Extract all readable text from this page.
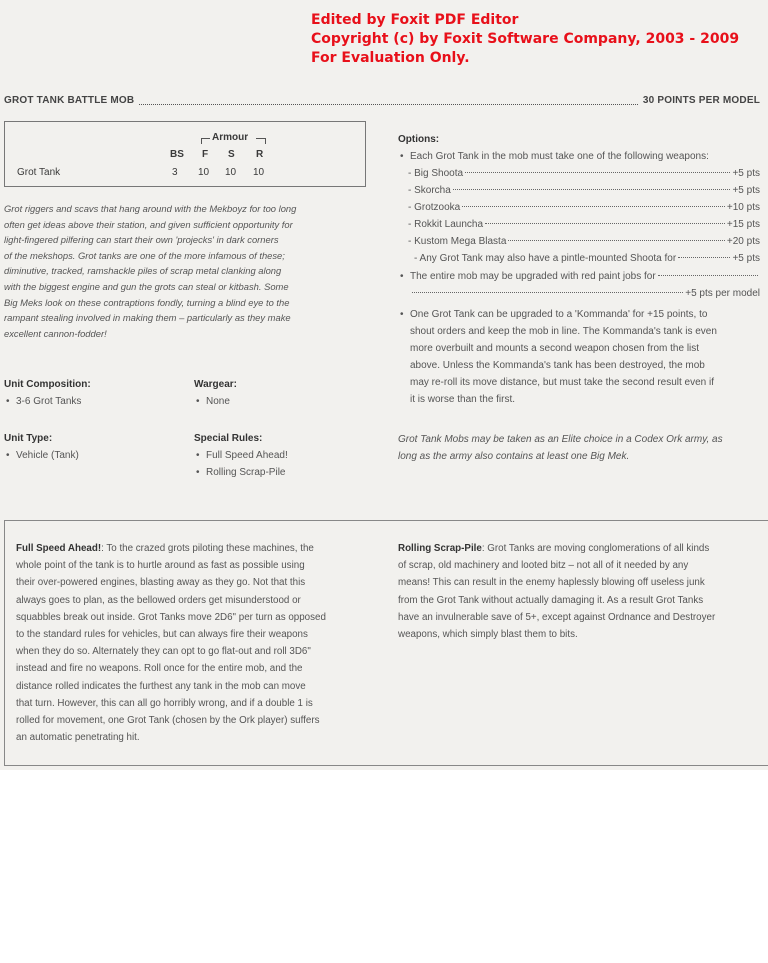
Edited by Foxit PDF Editor
Copyright (c) by Foxit Software Company, 2003 - 2009
For Evaluation Only.
GROT TANK BATTLE MOB	30 POINTS PER MODEL
Armour
BS F S R
Grot Tank	3 10 10 10

Grot riggers and scavs that hang around with the Mekboyz for too long

often get ideas above their station, and given sufficient opportunity for

light-fingered pilfering can start their own 'projecks' in dark corners

of the mekshops. Grot tanks are one of the more infamous of these;

diminutive, tracked, ramshackle piles of scrap metal clanking along

with the biggest engine and gun the grots can steal or kitbash. Some

Big Meks look on these contraptions fondly, turning a blind eye to the

rampant stealing involved in making them – particularly as they make

excellent cannon-fodder!

Unit Composition:
• 3-6 Grot Tanks
Wargear:
• None
Unit Type:
• Vehicle (Tank)
Special Rules:
• Full Speed Ahead!
• Rolling Scrap-Pile
Options:
• Each Grot Tank in the mob must take one of the following weapons:
- Big Shoota	+5 pts
- Skorcha	+5 pts
- Grotzooka	+10 pts
- Rokkit Launcha	+15 pts
- Kustom Mega Blasta	+20 pts
- Any Grot Tank may also have a pintle-mounted Shoota for	+5 pts
• The entire mob may be upgraded with red paint jobs for
+5 pts per model
• One Grot Tank can be upgraded to a 'Kommanda' for +15 points, to
shout orders and keep the mob in line. The Kommanda's tank is even
more overbuilt and mounts a second weapon chosen from the list
above. Unless the Kommanda's tank has been destroyed, the mob
may re-roll its move distance, but must take the second result even if
it is worse than the first.
Grot Tank Mobs may be taken as an Elite choice in a Codex Ork army, as
long as the army also contains at least one Big Mek.
Full Speed Ahead!: To the crazed grots piloting these machines, the
whole point of the tank is to hurtle around as fast as possible using
their over-powered engines, blasting away as they go. Not that this
always goes to plan, as the bellowed orders get misunderstood or
squabbles break out inside. Grot Tanks move 2D6" per turn as opposed
to the standard rules for vehicles, but can always fire their weapons
when they do so. Alternately they can opt to go flat-out and roll 3D6"
instead and fire no weapons. Roll once for the entire mob, and the
distance rolled indicates the furthest any tank in the mob can move
that turn. However, this can all go horribly wrong, and if a double 1 is
rolled for movement, one Grot Tank (chosen by the Ork player) suffers
an automatic penetrating hit.
Rolling Scrap-Pile: Grot Tanks are moving conglomerations of all kinds
of scrap, old machinery and looted bitz – not all of it needed by any
means! This can result in the enemy haplessly blowing off useless junk
from the Grot Tank without actually damaging it. As a result Grot Tanks
have an invulnerable save of 5+, except against Ordnance and Destroyer
weapons, which simply blast them to bits.
